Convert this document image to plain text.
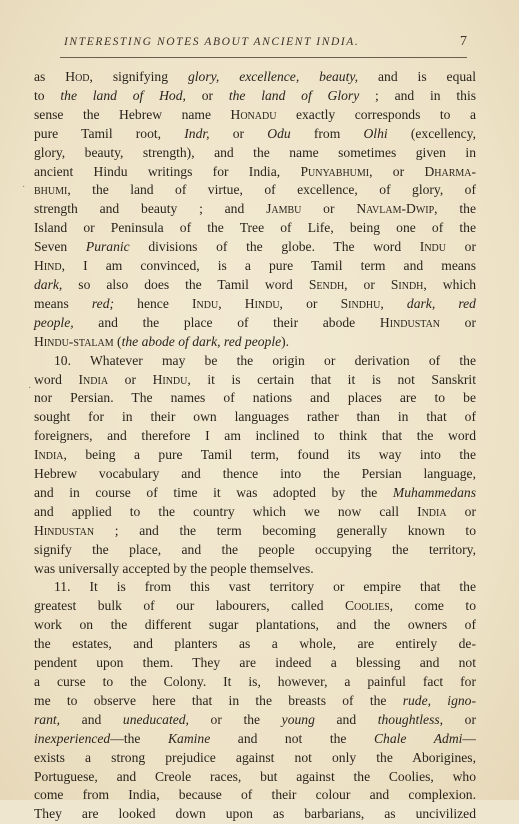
INTERESTING NOTES ABOUT ANCIENT INDIA.	7
as Hod, signifying glory, excellence, beauty, and is equal
to the land of Hod, or the land of Glory ; and in this
sense the Hebrew name Honadu exactly corresponds to a
pure Tamil root, Indr, or Odu from Olhi (excellency,
glory, beauty, strength), and the name sometimes given in
ancient Hindu writings for India, Punyabhumi, or Dharma-
bhumi, the land of virtue, of excellence, of glory, of
strength and beauty ; and Jambu or Navlam-Dwip, the
Island or Peninsula of the Tree of Life, being one of the
Seven Puranic divisions of the globe. The word Indu or
Hind, I am convinced, is a pure Tamil term and means
dark, so also does the Tamil word Sendh, or Sindh, which
means red; hence Indu, Hindu, or Sindhu, dark, red
people, and the place of their abode Hindustan or
Hindu-stalam (the abode of dark, red people).
10. Whatever may be the origin or derivation of the
word India or Hindu, it is certain that it is not Sanskrit
nor Persian. The names of nations and places are to be
sought for in their own languages rather than in that of
foreigners, and therefore I am inclined to think that the word
India, being a pure Tamil term, found its way into the
Hebrew vocabulary and thence into the Persian language,
and in course of time it was adopted by the Muhammedans
and applied to the country which we now call India or
Hindustan ; and the term becoming generally known to
signify the place, and the people occupying the territory,
was universally accepted by the people themselves.
11. It is from this vast territory or empire that the
greatest bulk of our labourers, called Coolies, come to
work on the different sugar plantations, and the owners of
the estates, and planters as a whole, are entirely de-
pendent upon them. They are indeed a blessing and not
a curse to the Colony. It is, however, a painful fact for
me to observe here that in the breasts of the rude, igno-
rant, and uneducated, or the young and thoughtless, or
inexperienced—the Kamine and not the Chale Admi—
exists a strong prejudice against not only the Aborigines,
Portuguese, and Creole races, but against the Coolies, who
come from India, because of their colour and complexion.
They are looked down upon as barbarians, as uncivilized
·
·
